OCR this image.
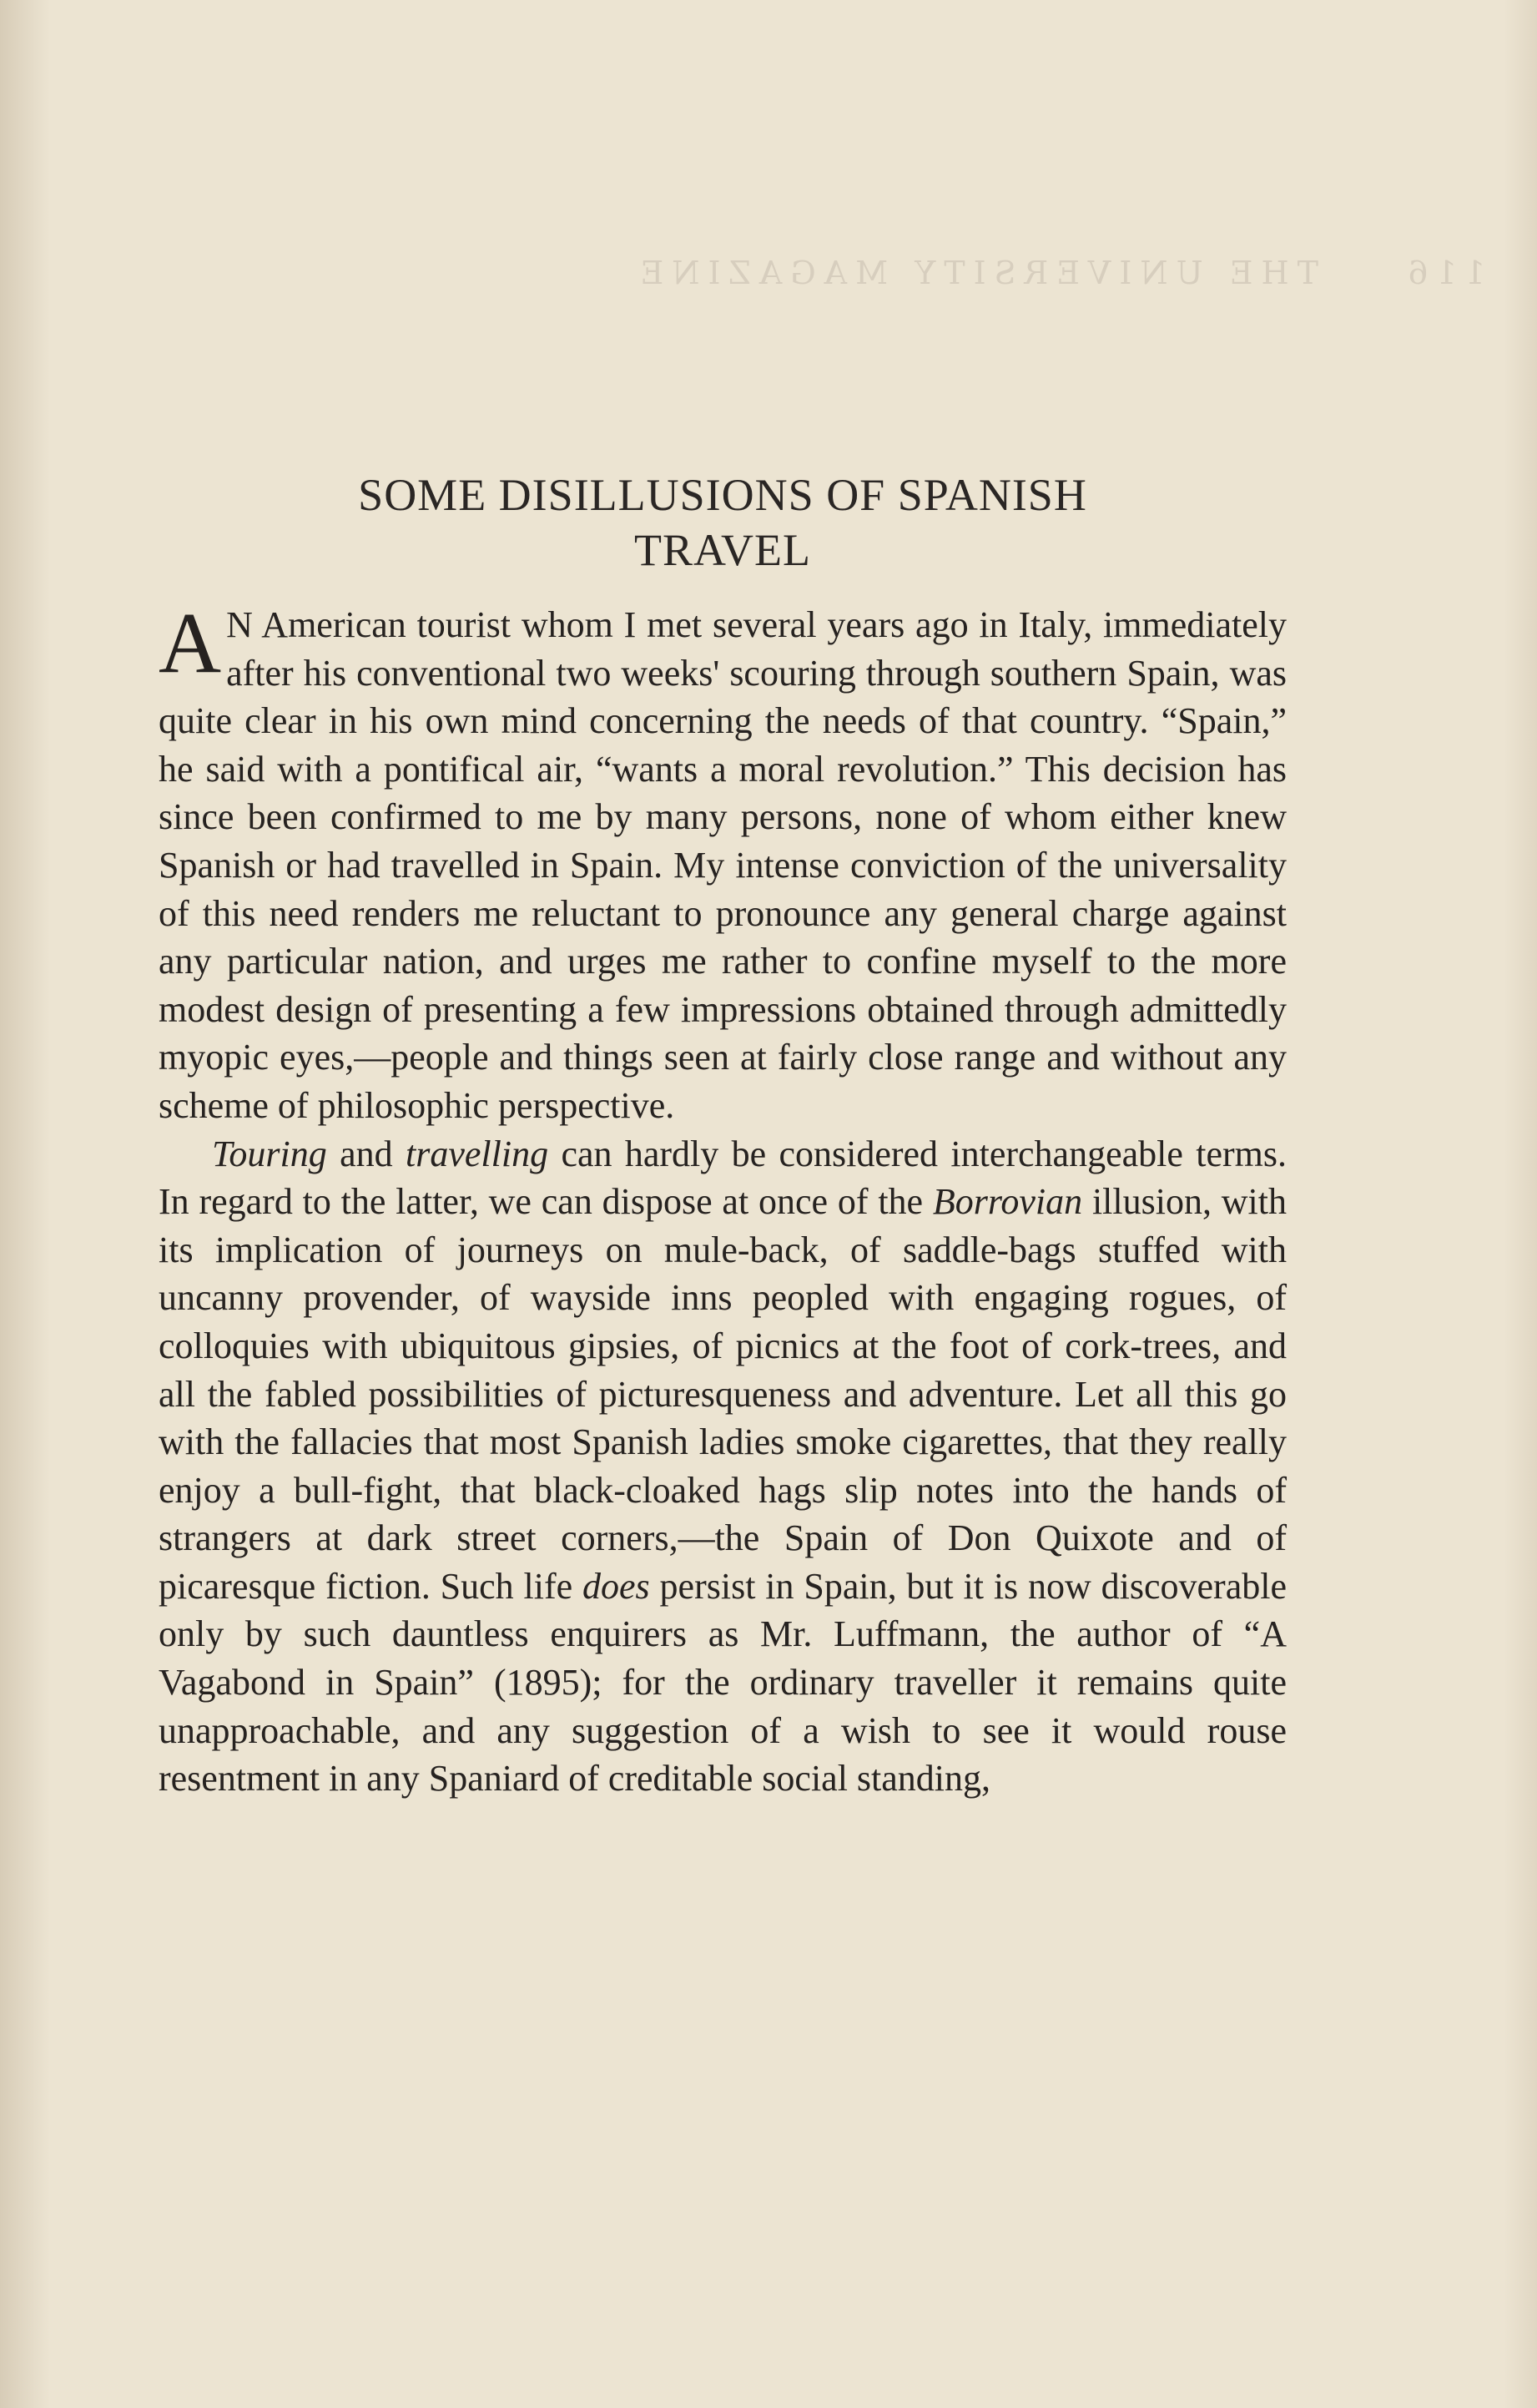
THE UNIVERSITY MAGAZINE	116
SOME DISILLUSIONS OF SPANISH
TRAVEL

A N American tourist whom I met several years ago in Italy, immediately after his conventional two weeks' scouring through southern Spain, was quite clear in his own mind concerning the needs of that country. “Spain,” he said with a pontifical air, “wants a moral revolution.” This decision has since been confirmed to me by many persons, none of whom either knew Spanish or had travelled in Spain. My intense conviction of the universality of this need renders me reluctant to pronounce any general charge against any particular nation, and urges me rather to confine myself to the more modest design of presenting a few impressions obtained through admittedly myopic eyes,—people and things seen at fairly close range and without any scheme of philosophic perspective.

Touring and travelling can hardly be considered interchangeable terms. In regard to the latter, we can dispose at once of the Borrovian illusion, with its implication of journeys on mule-back, of saddle-bags stuffed with uncanny provender, of wayside inns peopled with engaging rogues, of colloquies with ubiquitous gipsies, of picnics at the foot of cork-trees, and all the fabled possibilities of picturesqueness and adventure. Let all this go with the fallacies that most Spanish ladies smoke cigarettes, that they really enjoy a bull-fight, that black-cloaked hags slip notes into the hands of strangers at dark street corners,—the Spain of Don Quixote and of picaresque fiction. Such life does persist in Spain, but it is now discoverable only by such dauntless enquirers as Mr. Luffmann, the author of “A Vagabond in Spain” (1895); for the ordinary traveller it remains quite unapproachable, and any suggestion of a wish to see it would rouse resentment in any Spaniard of creditable social standing,
